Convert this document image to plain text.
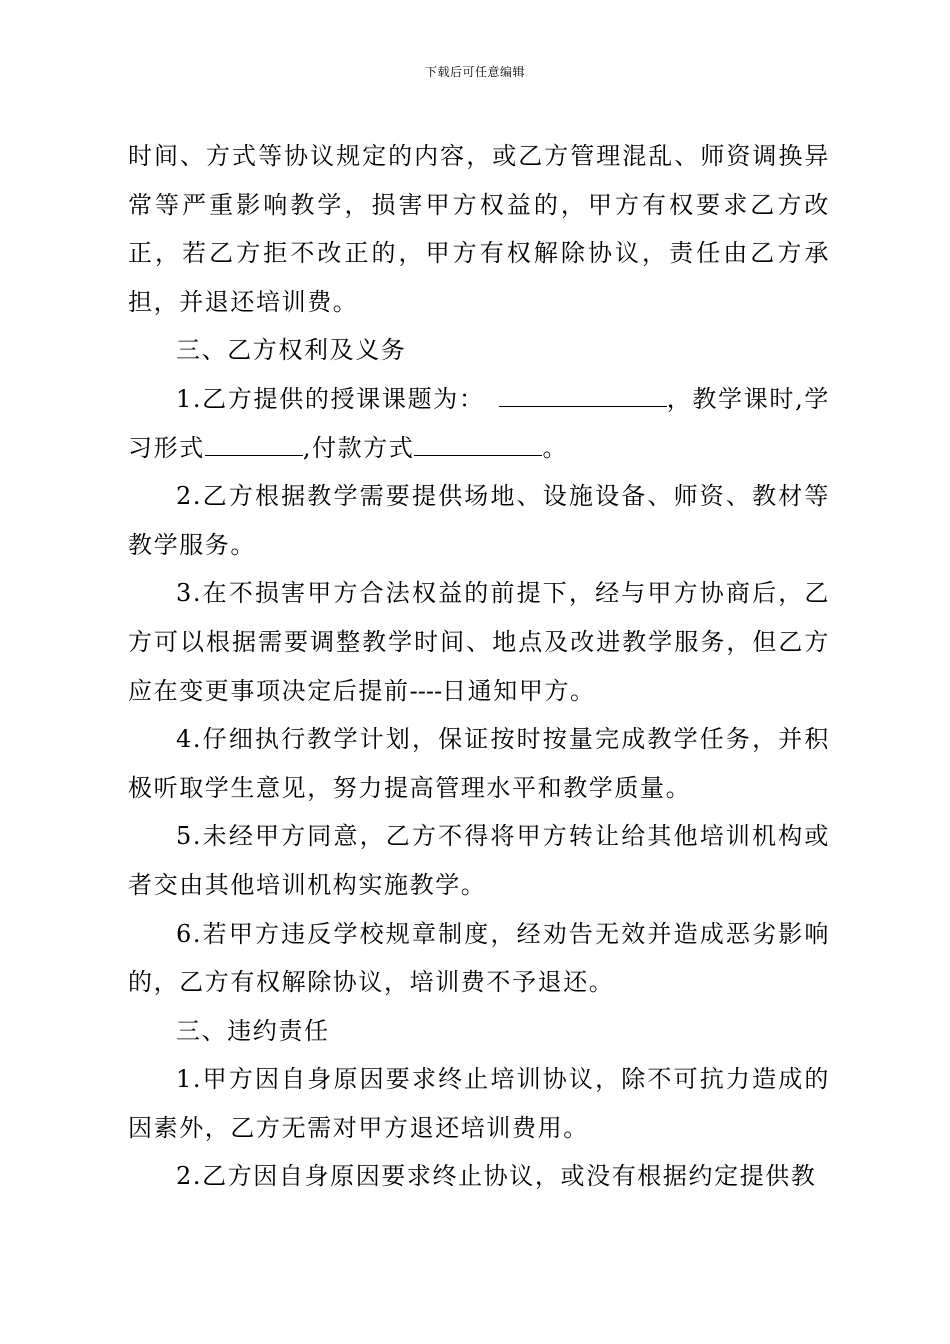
下载后可任意编辑

时间、方式等协议规定的内容，或乙方管理混乱、师资调换异常等严重影响教学，损害甲方权益的，甲方有权要求乙方改正，若乙方拒不改正的，甲方有权解除协议，责任由乙方承担，并退还培训费。

三、乙方权利及义务

1.乙方提供的授课课题为：	，教学课时,学习形式	,付款方式	。

2.乙方根据教学需要提供场地、设施设备、师资、教材等教学服务。

3.在不损害甲方合法权益的前提下，经与甲方协商后，乙方可以根据需要调整教学时间、地点及改进教学服务，但乙方应在变更事项决定后提前----日通知甲方。

4.仔细执行教学计划，保证按时按量完成教学任务，并积极听取学生意见，努力提高管理水平和教学质量。

5.未经甲方同意，乙方不得将甲方转让给其他培训机构或者交由其他培训机构实施教学。

6.若甲方违反学校规章制度，经劝告无效并造成恶劣影响的，乙方有权解除协议，培训费不予退还。

三、违约责任

1.甲方因自身原因要求终止培训协议，除不可抗力造成的因素外，乙方无需对甲方退还培训费用。

2.乙方因自身原因要求终止协议，或没有根据约定提供教
